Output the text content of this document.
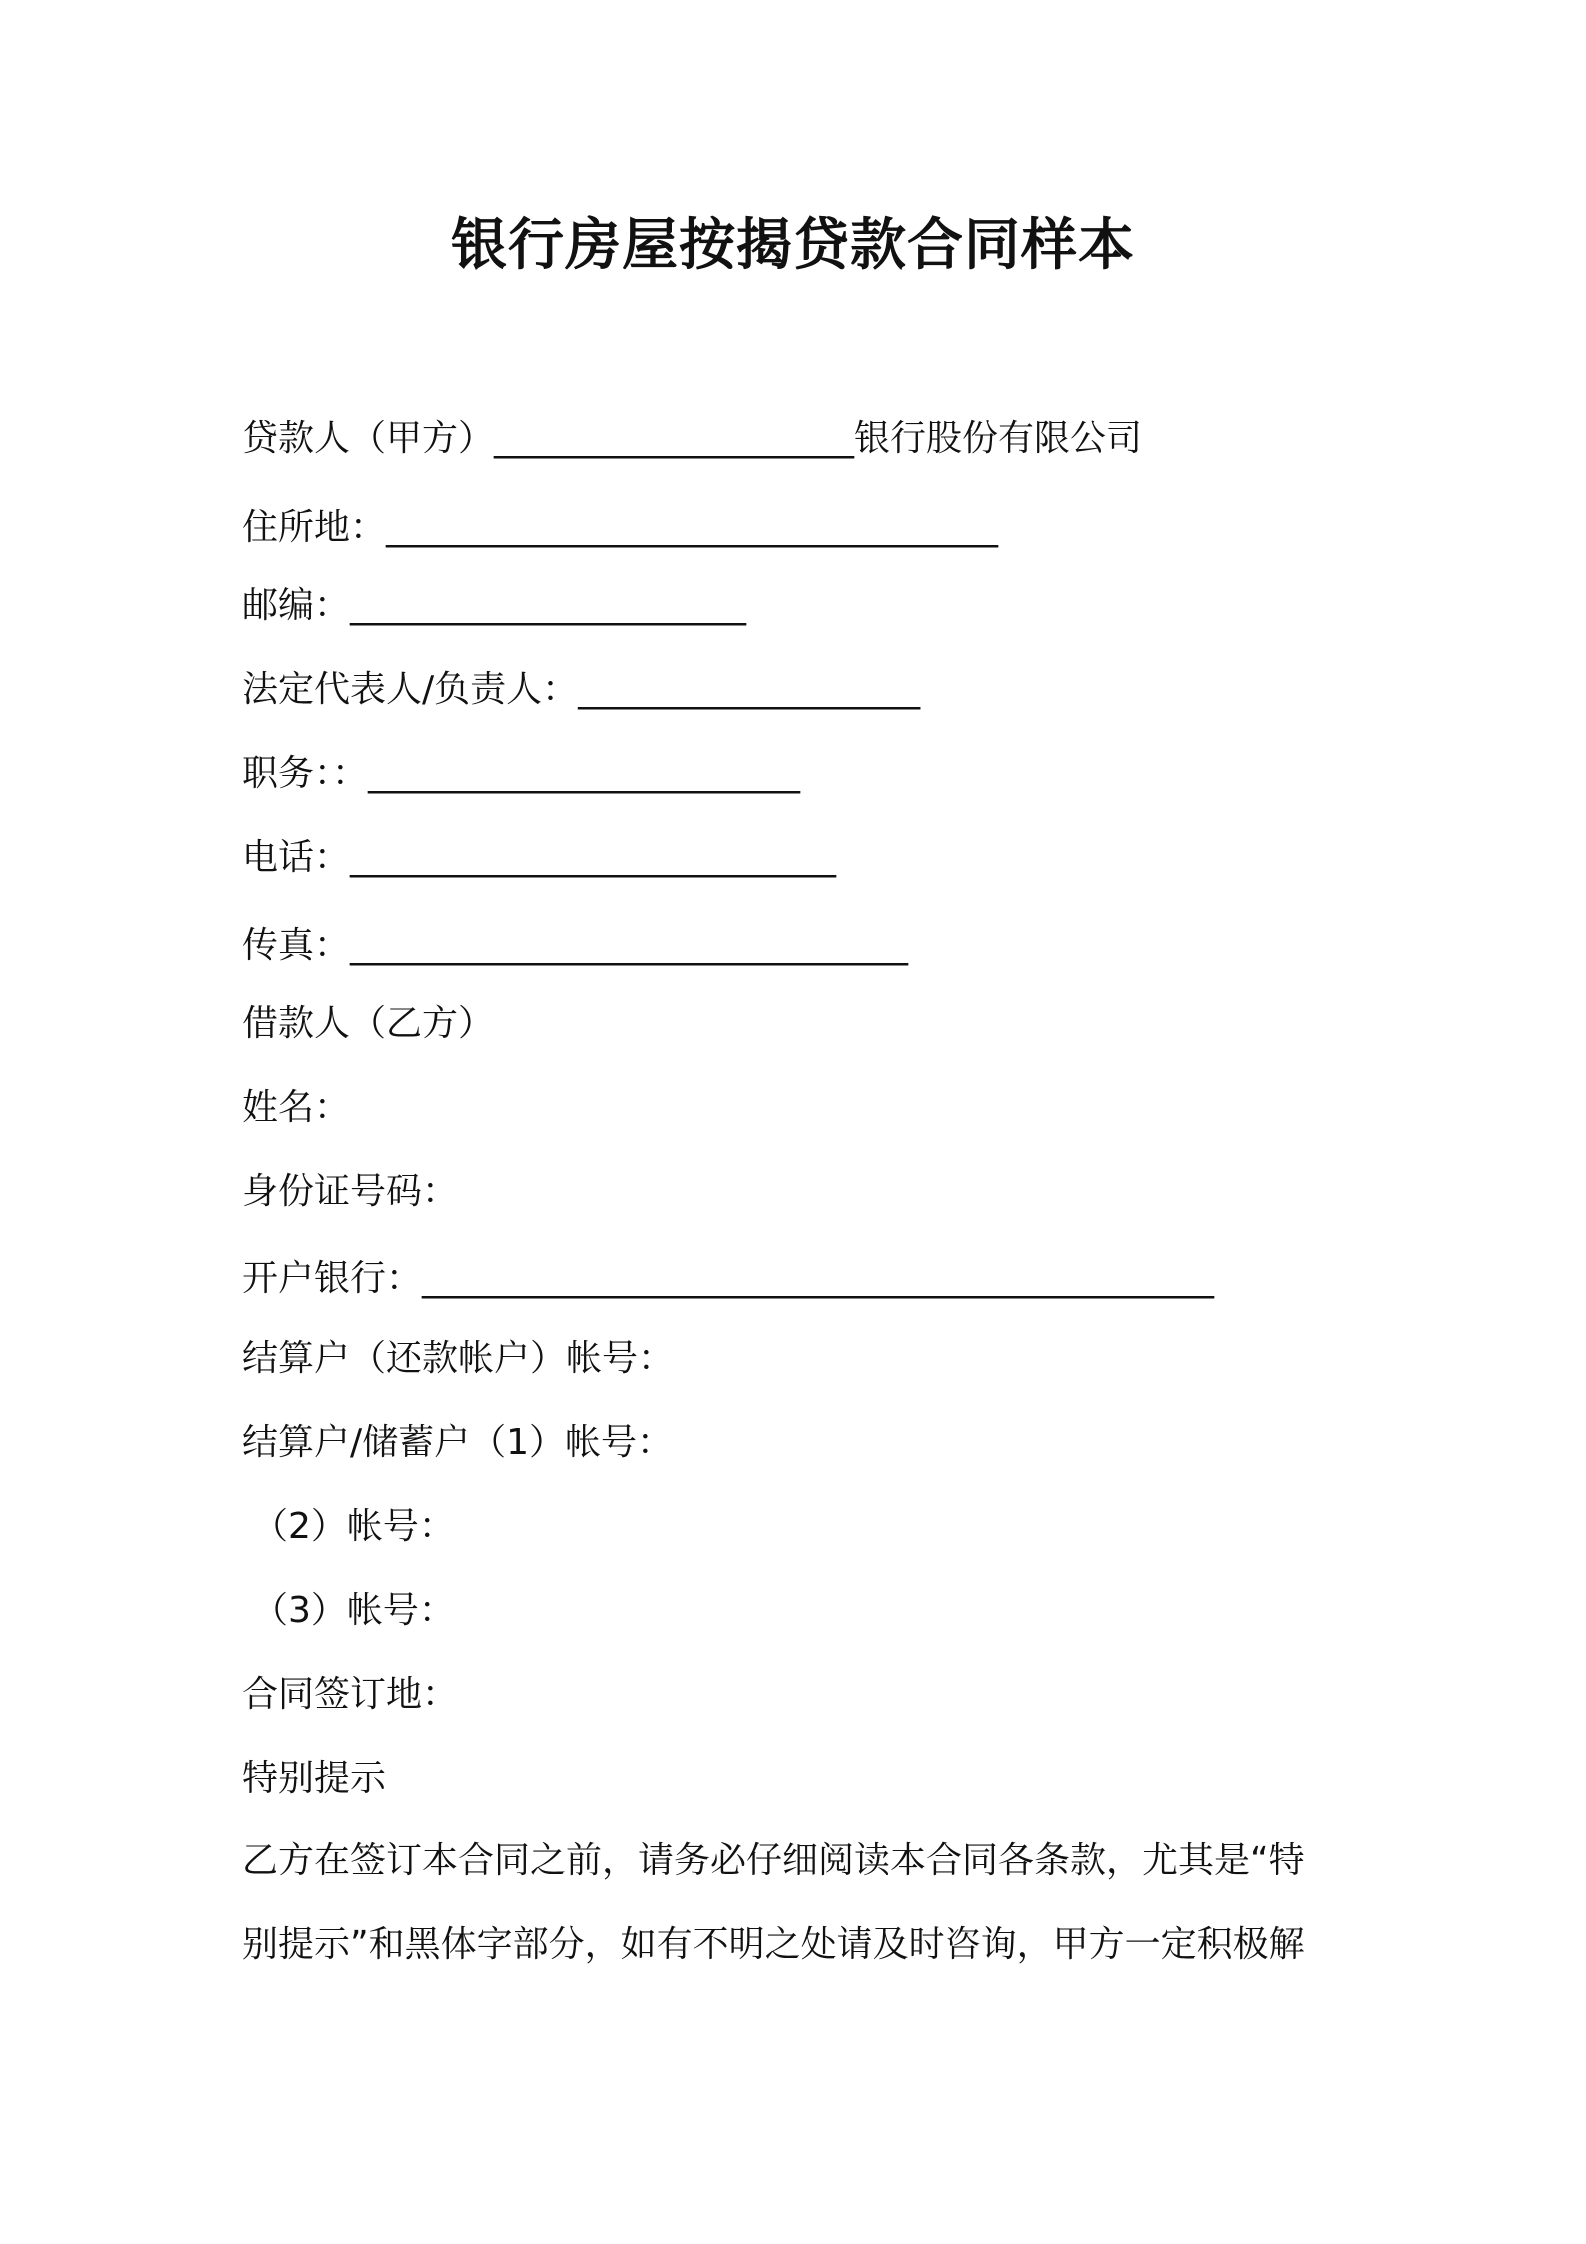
银行房屋按揭贷款合同样本
贷款人（甲方）____________________银行股份有限公司
住所地：__________________________________
邮编：______________________
法定代表人/负责人：___________________
职务：：________________________
电话：___________________________
传真：_______________________________
借款人（乙方）
姓名：
身份证号码：
开户银行：____________________________________________
结算户（还款帐户）帐号：
结算户/储蓄户（1）帐号：
（2）帐号：
（3）帐号：
合同签订地：
特别提示
乙方在签订本合同之前，请务必仔细阅读本合同各条款，尤其是“特
别提示”和黑体字部分，如有不明之处请及时咨询，甲方一定积极解
